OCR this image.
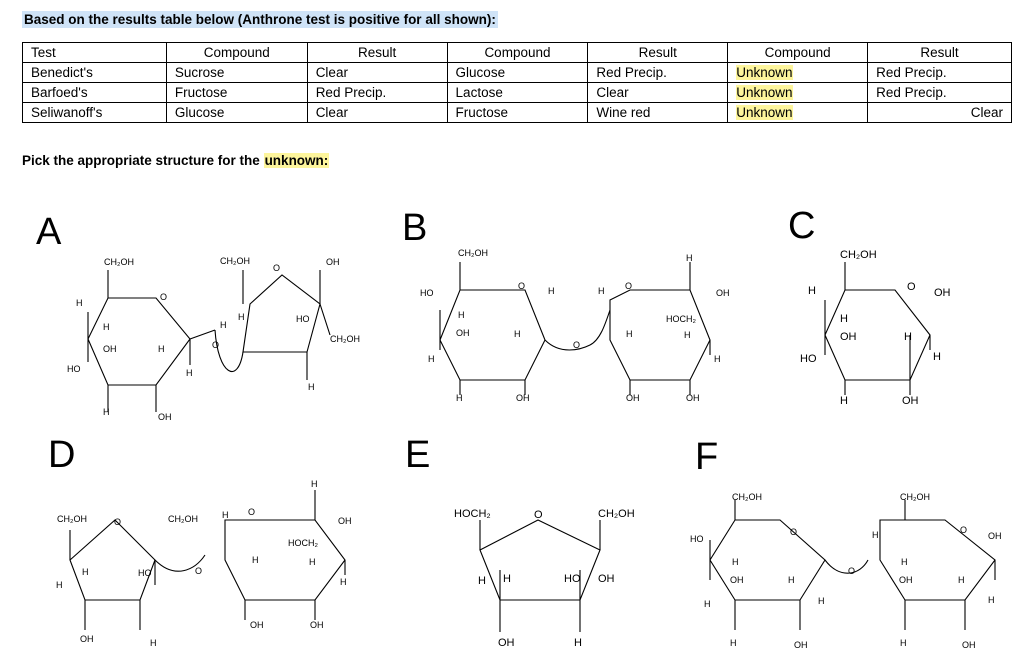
Based on the results table below (Anthrone test is positive for all shown):
Test	Compound	Result	Compound	Result	Compound	Result
Benedict's	Sucrose	Clear	Glucose	Red Precip.	Unknown	Red Precip.
Barfoed's	Fructose	Red Precip.	Lactose	Clear	Unknown	Red Precip.
Seliwanoff's	Glucose	Clear	Fructose	Wine red	Unknown	Clear
Pick the appropriate structure for the unknown:
A	B	C
D	E	F
CH₂OH	CH₂OH	OH
O
O
O
H
H
OH	H
HO	H
H	OH
H
H	HO
CH₂OH
H
CH₂OH
HO
O	H
H
OH	H
H
H	OH
O
H O
H
OH
HOCH₂
H	H
H
OH	OH
CH₂OH
O OH
H
H
OH	H
HO	H
H	OH
CH₂OH	O	CH₂OH	H O
H
OH
HOCH₂
H	H
H
O
H	HO
H
OH	H
OH	OH
HOCH₂	O	CH₂OH
H H	HO OH
OH	H
CH₂OH	CH₂OH
O
HO
H
OH	H
H	H
O
H	O
OH
H
OH	H
H
H	OH	H	OH
